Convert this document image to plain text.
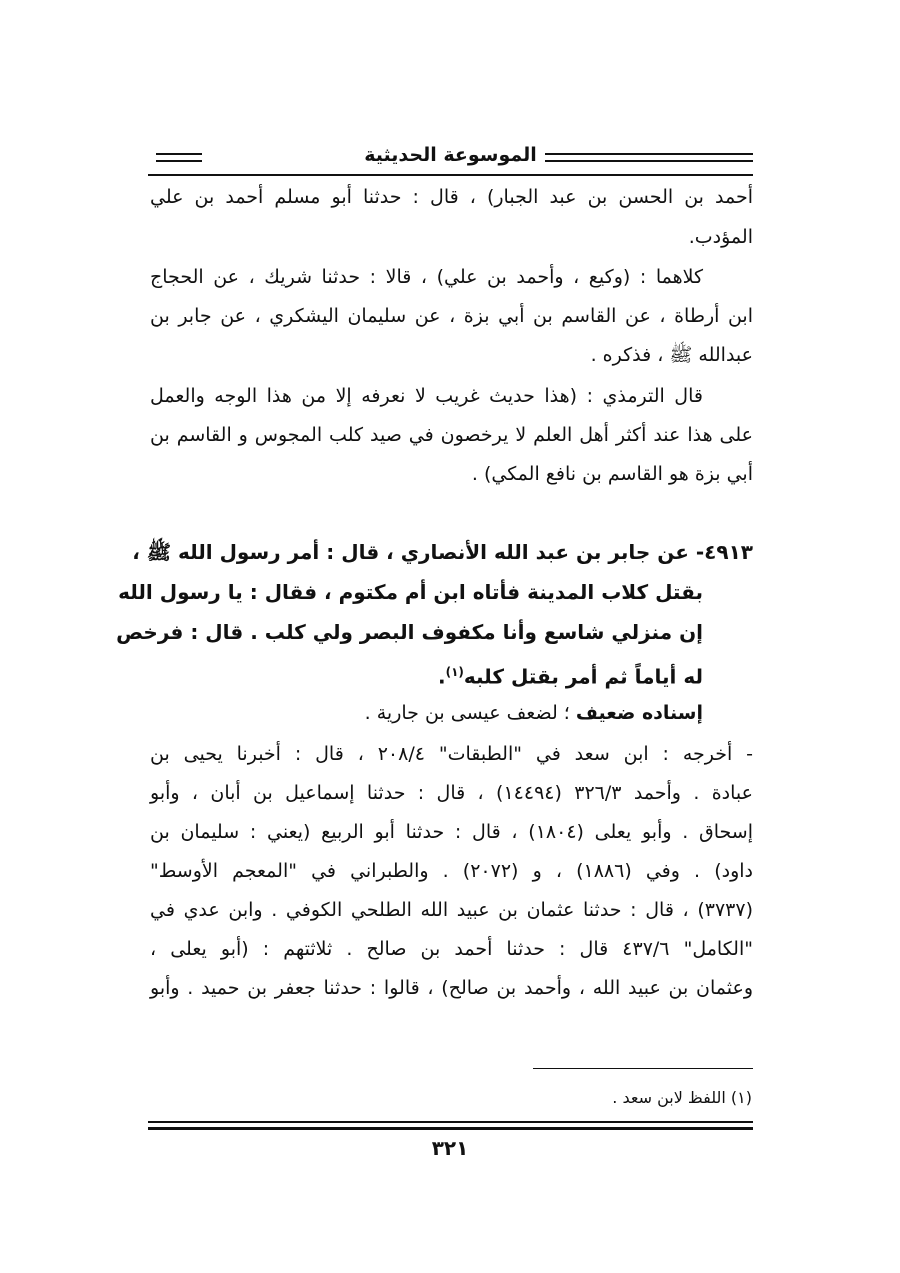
الموسوعة الحديثية
أحمد بن الحسن بن عبد الجبار) ، قال : حدثنا أبو مسلم أحمد بن علي
المؤدب.
كلاهما : (وكيع ، وأحمد بن علي) ، قالا : حدثنا شريك ، عن الحجاج
ابن أرطاة ، عن القاسم بن أبي بزة ، عن سليمان اليشكري ، عن جابر بن
عبدالله ﷺ ، فذكره .
قال الترمذي : (هذا حديث غريب لا نعرفه إلا من هذا الوجه والعمل
على هذا عند أكثر أهل العلم لا يرخصون في صيد كلب المجوس و القاسم بن
أبي بزة هو القاسم بن نافع المكي) .
٤٩١٣- عن جابر بن عبد الله الأنصاري ، قال : أمر رسول الله ﷺ ،
بقتل كلاب المدينة فأتاه ابن أم مكتوم ، فقال : يا رسول الله
إن منزلي شاسع وأنا مكفوف البصر ولي كلب . قال : فرخص
له أياماً ثم أمر بقتل كلبه$^{(١)}$.
إسناده ضعيف ؛ لضعف عيسى بن جارية .
- أخرجه : ابن سعد في "الطبقات" ٢٠٨/٤ ، قال : أخبرنا يحيى بن
عبادة . وأحمد ٣٢٦/٣ (١٤٤٩٤) ، قال : حدثنا إسماعيل بن أبان ، وأبو
إسحاق . وأبو يعلى (١٨٠٤) ، قال : حدثنا أبو الربيع (يعني : سليمان بن
داود) . وفي (١٨٨٦) ، و (٢٠٧٢) . والطبراني في "المعجم الأوسط"
(٣٧٣٧) ، قال : حدثنا عثمان بن عبيد الله الطلحي الكوفي . وابن عدي في
"الكامل" ٤٣٧/٦ قال : حدثنا أحمد بن صالح . ثلاثتهم : (أبو يعلى ،
وعثمان بن عبيد الله ، وأحمد بن صالح) ، قالوا : حدثنا جعفر بن حميد . وأبو
(١) اللفظ لابن سعد .
٣٢١
